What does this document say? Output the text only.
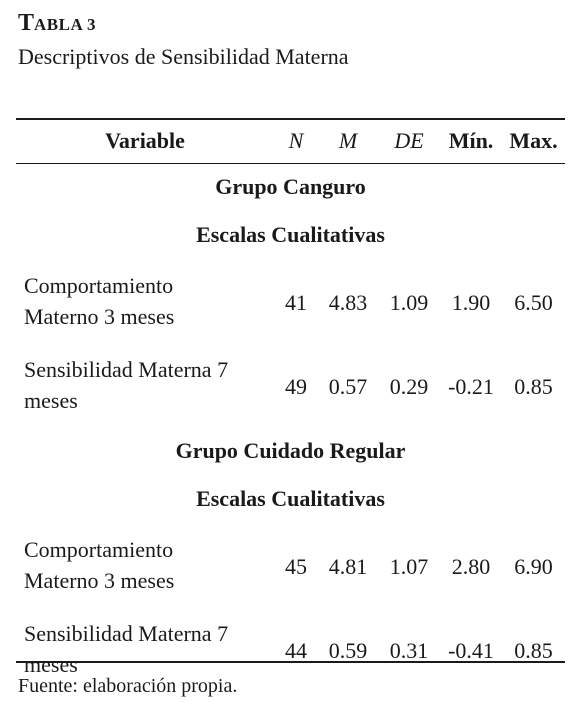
TABLA 3
Descriptivos de Sensibilidad Materna
Variable	N	M	DE	Mín.	Max.
Grupo Canguro					
Escalas Cualitativas					
Comportamiento
Materno 3 meses	41	4.83	1.09	1.90	6.50
Sensibilidad Materna 7
meses	49	0.57	0.29	-0.21	0.85
Grupo Cuidado Regular					
Escalas Cualitativas					
Comportamiento
Materno 3 meses	45	4.81	1.07	2.80	6.90
Sensibilidad Materna 7
meses	44	0.59	0.31	-0.41	0.85
Fuente: elaboración propia.
